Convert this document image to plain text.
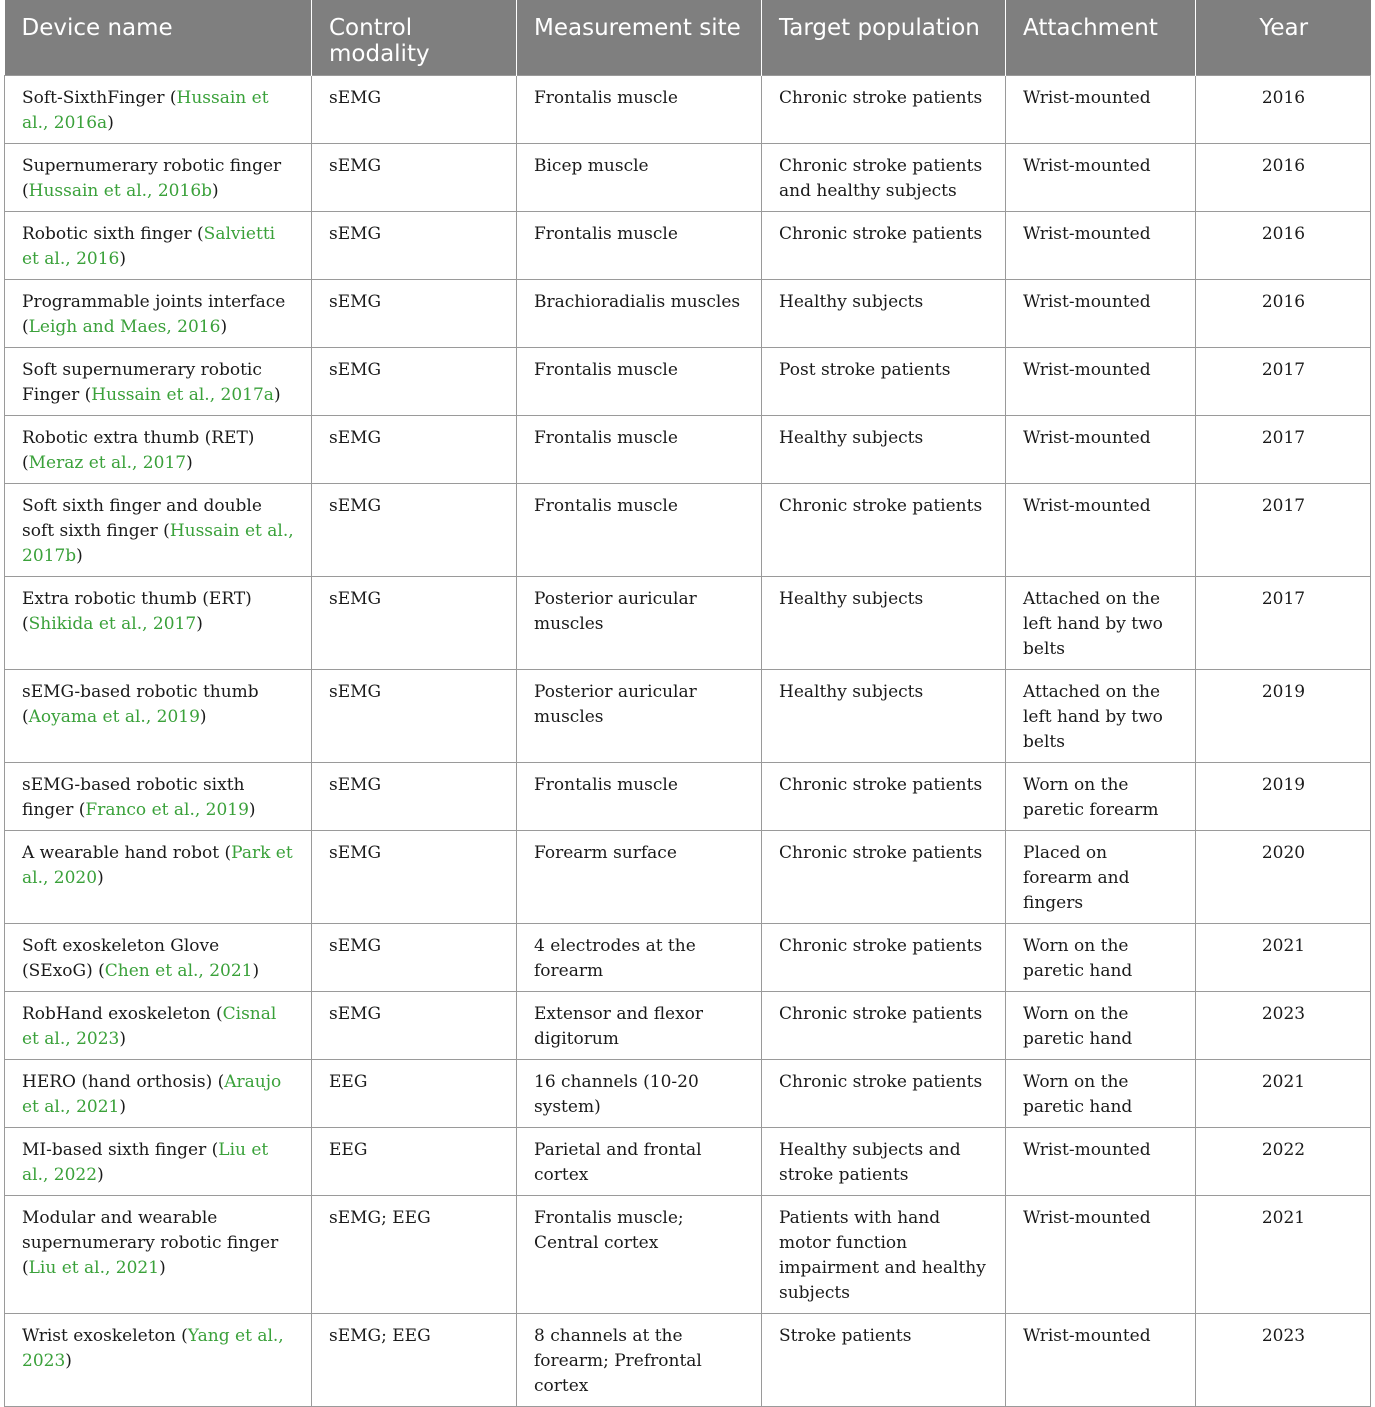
Device name	Control modality	Measurement site	Target population	Attachment	Year
Soft-SixthFinger (Hussain et al., 2016a)	sEMG	Frontalis muscle	Chronic stroke patients	Wrist-mounted	2016
Supernumerary robotic finger (Hussain et al., 2016b)	sEMG	Bicep muscle	Chronic stroke patients and healthy subjects	Wrist-mounted	2016
Robotic sixth finger (Salvietti et al., 2016)	sEMG	Frontalis muscle	Chronic stroke patients	Wrist-mounted	2016
Programmable joints interface (Leigh and Maes, 2016)	sEMG	Brachioradialis muscles	Healthy subjects	Wrist-mounted	2016
Soft supernumerary robotic Finger (Hussain et al., 2017a)	sEMG	Frontalis muscle	Post stroke patients	Wrist-mounted	2017
Robotic extra thumb (RET) (Meraz et al., 2017)	sEMG	Frontalis muscle	Healthy subjects	Wrist-mounted	2017
Soft sixth finger and double soft sixth finger (Hussain et al., 2017b)	sEMG	Frontalis muscle	Chronic stroke patients	Wrist-mounted	2017
Extra robotic thumb (ERT) (Shikida et al., 2017)	sEMG	Posterior auricular muscles	Healthy subjects	Attached on the left hand by two belts	2017
sEMG-based robotic thumb (Aoyama et al., 2019)	sEMG	Posterior auricular muscles	Healthy subjects	Attached on the left hand by two belts	2019
sEMG-based robotic sixth finger (Franco et al., 2019)	sEMG	Frontalis muscle	Chronic stroke patients	Worn on the paretic forearm	2019
A wearable hand robot (Park et al., 2020)	sEMG	Forearm surface	Chronic stroke patients	Placed on forearm and fingers	2020
Soft exoskeleton Glove (SExoG) (Chen et al., 2021)	sEMG	4 electrodes at the forearm	Chronic stroke patients	Worn on the paretic hand	2021
RobHand exoskeleton (Cisnal et al., 2023)	sEMG	Extensor and flexor digitorum	Chronic stroke patients	Worn on the paretic hand	2023
HERO (hand orthosis) (Araujo et al., 2021)	EEG	16 channels (10-20 system)	Chronic stroke patients	Worn on the paretic hand	2021
MI-based sixth finger (Liu et al., 2022)	EEG	Parietal and frontal cortex	Healthy subjects and stroke patients	Wrist-mounted	2022
Modular and wearable supernumerary robotic finger (Liu et al., 2021)	sEMG; EEG	Frontalis muscle; Central cortex	Patients with hand motor function impairment and healthy subjects	Wrist-mounted	2021
Wrist exoskeleton (Yang et al., 2023)	sEMG; EEG	8 channels at the forearm; Prefrontal cortex	Stroke patients	Wrist-mounted	2023
